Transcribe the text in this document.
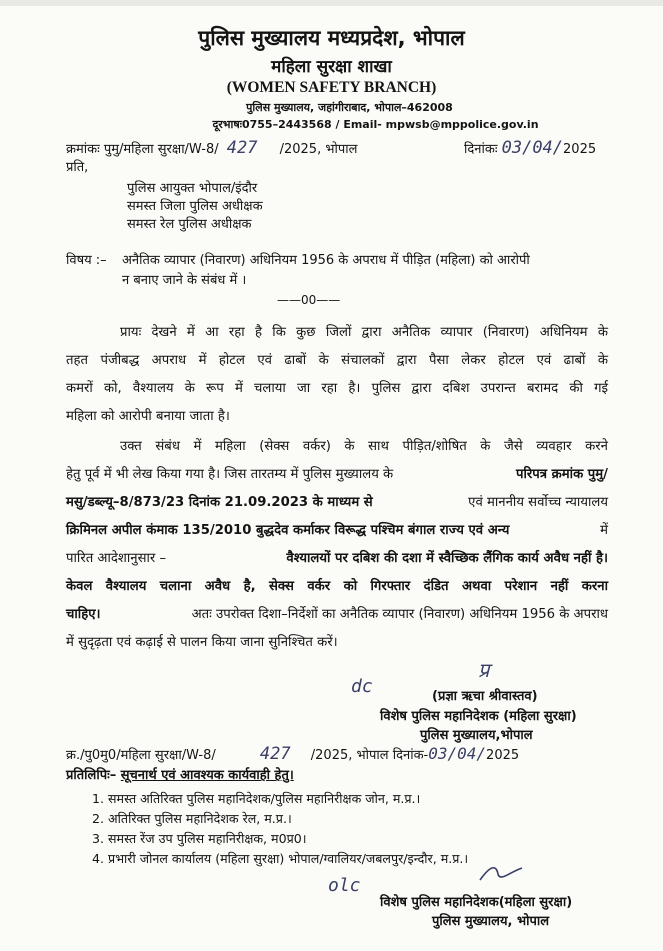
पुलिस मुख्यालय मध्यप्रदेश, भोपाल
महिला सुरक्षा शाखा
(WOMEN SAFETY BRANCH)
पुलिस मुख्यालय, जहांगीराबाद, भोपाल–462008
दूरभाषः0755–2443568 / Email- mpwsb@mppolice.gov.in
क्रमांकः पुमु/महिला सुरक्षा/W-8/ 427 /2025, भोपाल	दिनांकः 03/04/2025
प्रति,
पुलिस आयुक्त भोपाल/इंदौर
समस्त जिला पुलिस अधीक्षक
समस्त रेल पुलिस अधीक्षक
विषय :– अनैतिक व्यापार (निवारण) अधिनियम 1956 के अपराध में पीड़ित (महिला) को आरोपी
न बनाए जाने के संबंध में ।
——00——
प्रायः देखने में आ रहा है कि कुछ जिलों द्वारा अनैतिक व्यापार (निवारण) अधिनियम के
तहत पंजीबद्ध अपराध में होटल एवं ढाबों के संचालकों द्वारा पैसा लेकर होटल एवं ढाबों के
कमरों को, वैश्यालय के रूप में चलाया जा रहा है। पुलिस द्वारा दबिश उपरान्त बरामद की गई
महिला को आरोपी बनाया जाता है।
उक्त संबंध में महिला (सेक्स वर्कर) के साथ पीड़ित/शोषित के जैसे व्यवहार करने
हेतु पूर्व में भी लेख किया गया है। जिस तारतम्य में पुलिस मुख्यालय के	परिपत्र क्रमांक पुमु/
मसु/डब्ल्यू–8/873/23 दिनांक 21.09.2023 के माध्यम से	एवं माननीय सर्वोच्च न्यायालय
क्रिमिनल अपील कंमाक 135/2010 बुद्धदेव कर्माकर विरूद्ध पश्चिम बंगाल राज्य एवं अन्य	में
पारित आदेशानुसार –	वैश्यालयों पर दबिश की दशा में स्वैच्छिक लैंगिक कार्य अवैध नहीं है।
केवल वैश्यालय चलाना अवैध है, सेक्स वर्कर को गिरफ्तार दंडित अथवा परेशान नहीं करना
चाहिए।	अतः उपरोक्त दिशा–निर्देशों का अनैतिक व्यापार (निवारण) अधिनियम 1956 के अपराध
में सुदृढ़ता एवं कढ़ाई से पालन किया जाना सुनिश्चित करें।
प्र
dc	(प्रज्ञा ऋचा श्रीवास्तव)
विशेष पुलिस महानिदेशक (महिला सुरक्षा)
पुलिस मुख्यालय,भोपाल
क्र./पु0मु0/महिला सुरक्षा/W-8/	427 /2025, भोपाल दिनांक-03/04/2025
प्रतिलिपिः– सूचनार्थ एवं आवश्यक कार्यवाही हेतु।
1. समस्त अतिरिक्त पुलिस महानिदेशक/पुलिस महानिरीक्षक जोन, म.प्र.।
2. अतिरिक्त पुलिस महानिदेशक रेल, म.प्र.।
3. समस्त रेंज उप पुलिस महानिरीक्षक, म0प्र0।
4. प्रभारी जोनल कार्यालय (महिला सुरक्षा) भोपाल/ग्वालियर/जबलपुर/इन्दौर, म.प्र.।
olc
विशेष पुलिस महानिदेशक(महिला सुरक्षा)
पुलिस मुख्यालय, भोपाल
